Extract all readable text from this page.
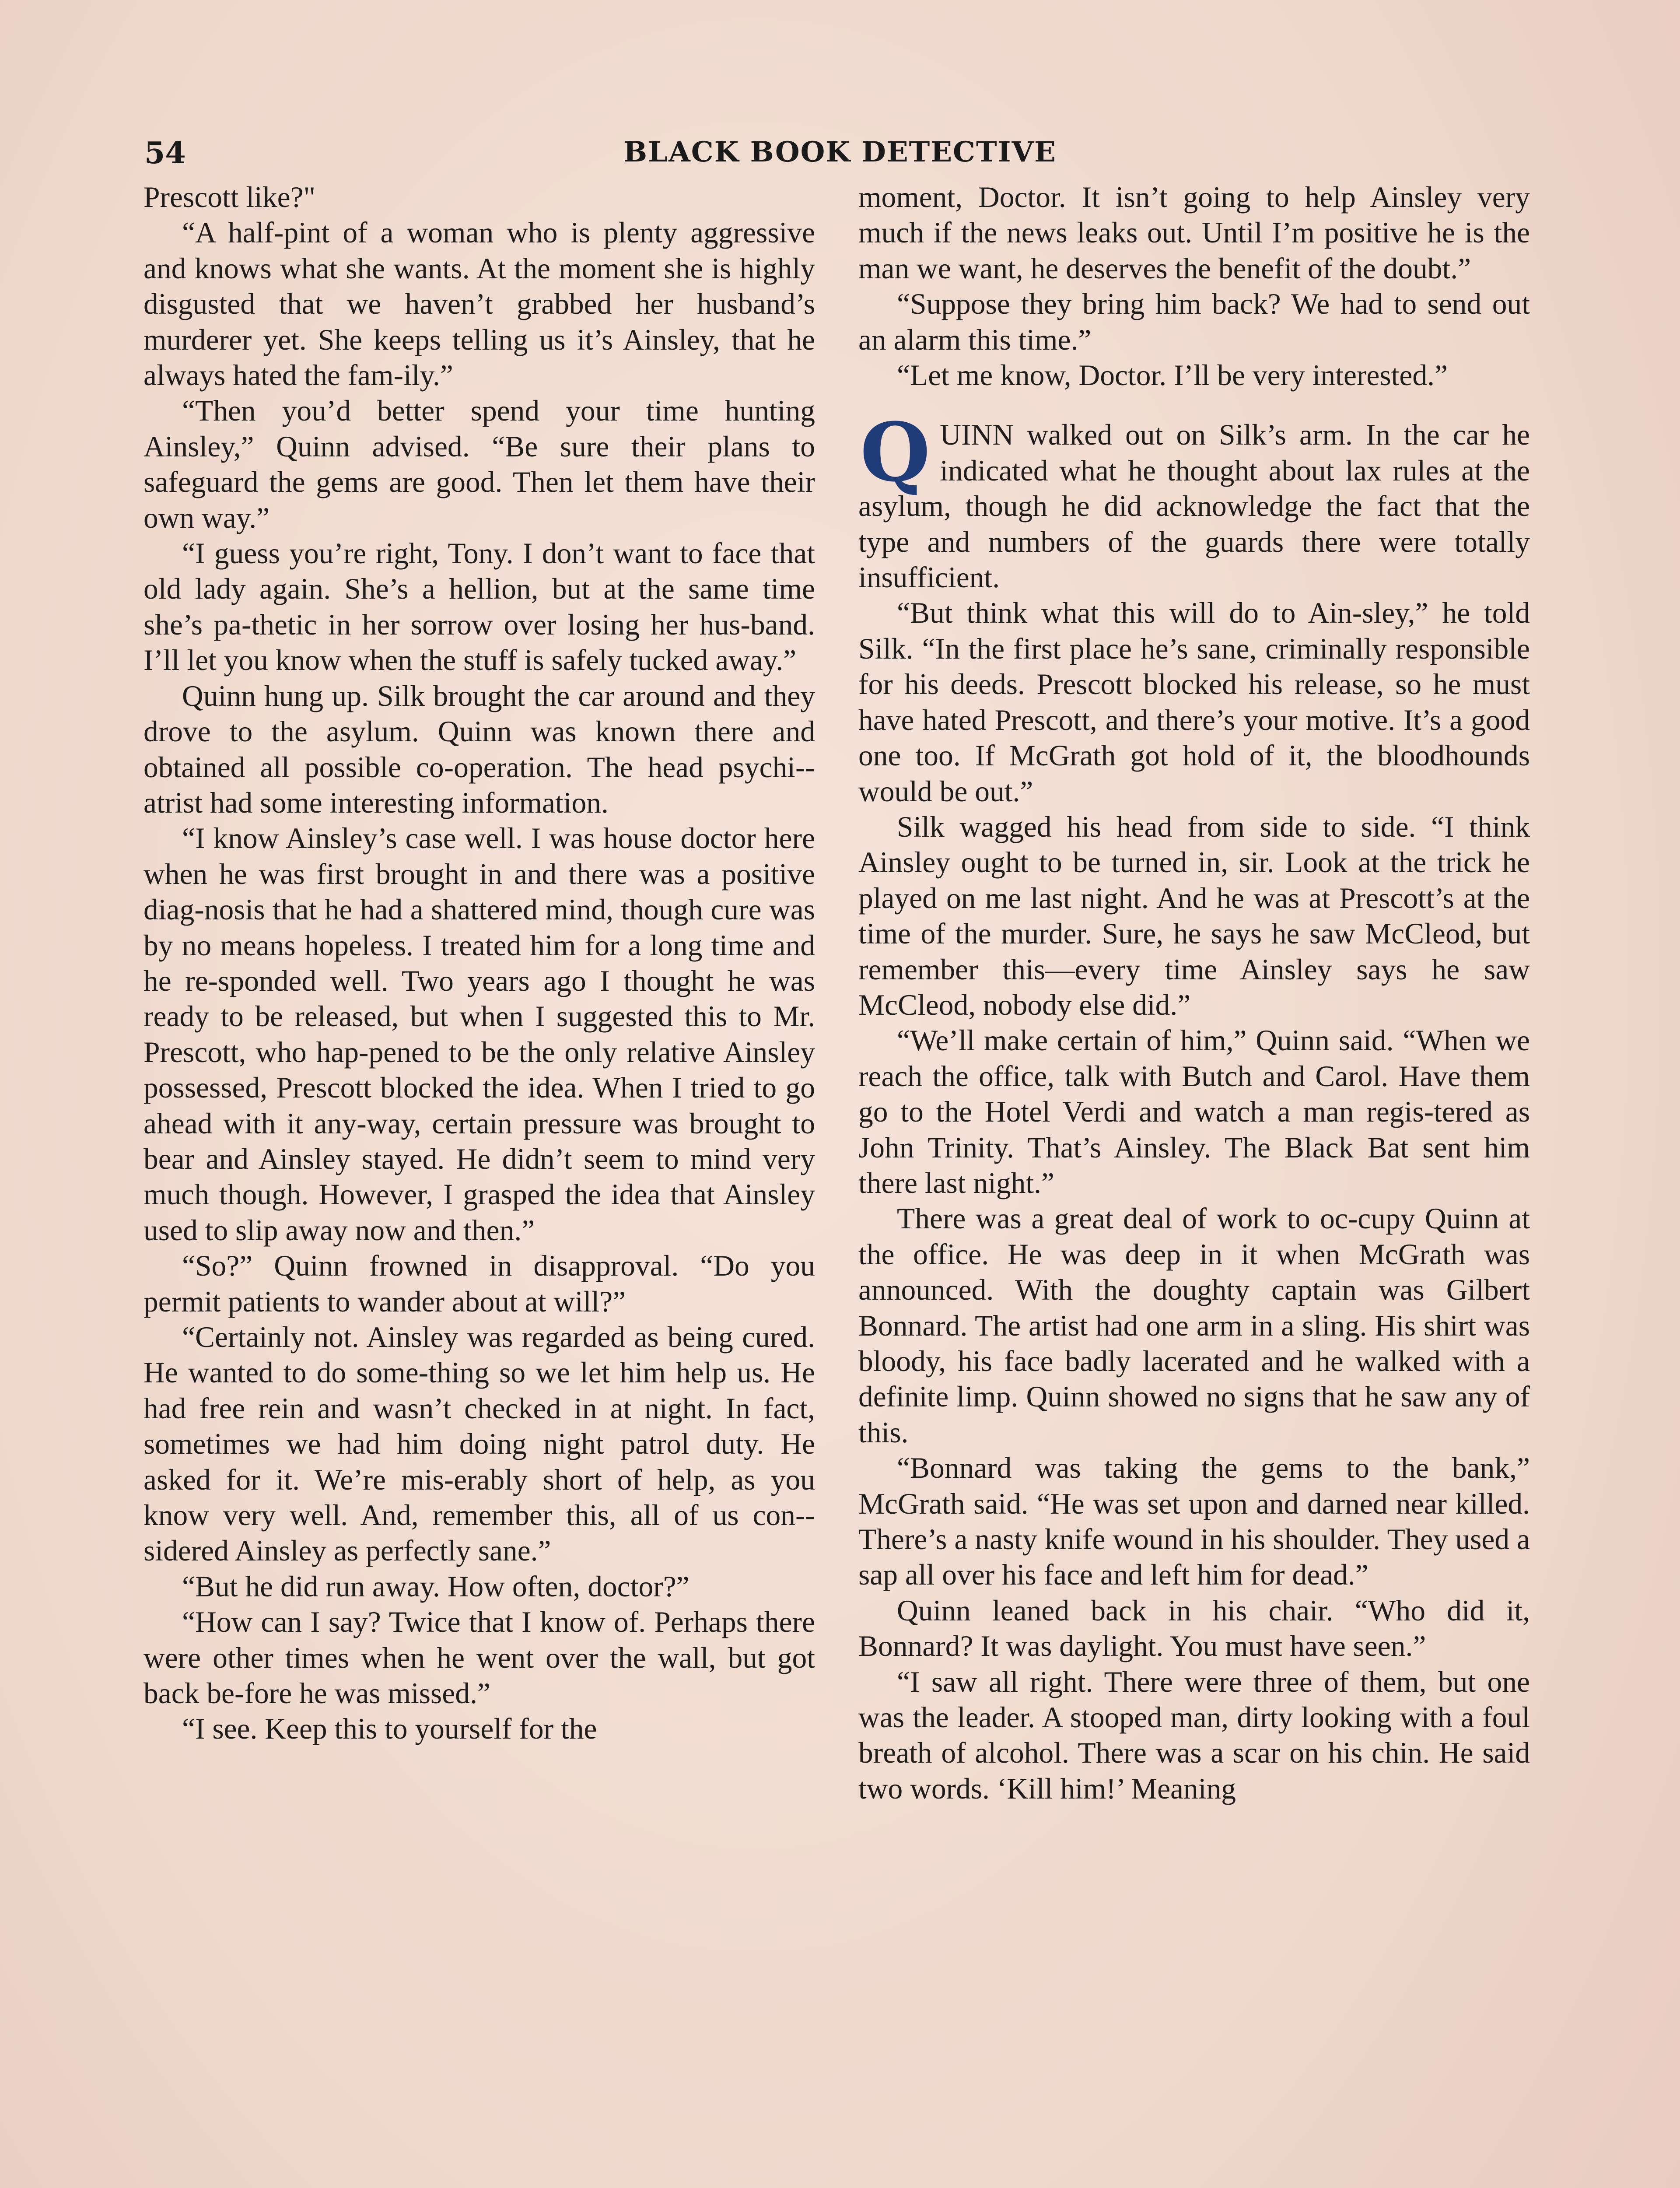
54	BLACK BOOK DETECTIVE

Prescott like?"

“A half-pint of a woman who is plenty aggressive and knows what she wants. At the moment she is highly disgusted that we haven’t grabbed her husband’s murderer yet. She keeps telling us it’s Ainsley, that he always hated the fam-ily.”

“Then you’d better spend your time hunting Ainsley,” Quinn advised. “Be sure their plans to safeguard the gems are good. Then let them have their own way.”

“I guess you’re right, Tony. I don’t want to face that old lady again. She’s a hellion, but at the same time she’s pa-thetic in her sorrow over losing her hus-band. I’ll let you know when the stuff is safely tucked away.”

Quinn hung up. Silk brought the car around and they drove to the asylum. Quinn was known there and obtained all possible co-operation. The head psychi-atrist had some interesting information.

“I know Ainsley’s case well. I was house doctor here when he was first brought in and there was a positive diag-nosis that he had a shattered mind, though cure was by no means hopeless. I treated him for a long time and he re-sponded well. Two years ago I thought he was ready to be released, but when I suggested this to Mr. Prescott, who hap-pened to be the only relative Ainsley possessed, Prescott blocked the idea. When I tried to go ahead with it any-way, certain pressure was brought to bear and Ainsley stayed. He didn’t seem to mind very much though. However, I grasped the idea that Ainsley used to slip away now and then.”

“So?” Quinn frowned in disapproval. “Do you permit patients to wander about at will?”

“Certainly not. Ainsley was regarded as being cured. He wanted to do some-thing so we let him help us. He had free rein and wasn’t checked in at night. In fact, sometimes we had him doing night patrol duty. He asked for it. We’re mis-erably short of help, as you know very well. And, remember this, all of us con-sidered Ainsley as perfectly sane.”

“But he did run away. How often, doctor?”

“How can I say? Twice that I know of. Perhaps there were other times when he went over the wall, but got back be-fore he was missed.”

“I see. Keep this to yourself for the

moment, Doctor. It isn’t going to help Ainsley very much if the news leaks out. Until I’m positive he is the man we want, he deserves the benefit of the doubt.”

“Suppose they bring him back? We had to send out an alarm this time.”

“Let me know, Doctor. I’ll be very interested.”

QUINN walked out on Silk’s arm. In the car he indicated what he thought about lax rules at the asylum, though he did acknowledge the fact that the type and numbers of the guards there were totally insufficient.

“But think what this will do to Ain-sley,” he told Silk. “In the first place he’s sane, criminally responsible for his deeds. Prescott blocked his release, so he must have hated Prescott, and there’s your motive. It’s a good one too. If McGrath got hold of it, the bloodhounds would be out.”

Silk wagged his head from side to side. “I think Ainsley ought to be turned in, sir. Look at the trick he played on me last night. And he was at Prescott’s at the time of the murder. Sure, he says he saw McCleod, but remember this—every time Ainsley says he saw McCleod, nobody else did.”

“We’ll make certain of him,” Quinn said. “When we reach the office, talk with Butch and Carol. Have them go to the Hotel Verdi and watch a man regis-tered as John Trinity. That’s Ainsley. The Black Bat sent him there last night.”

There was a great deal of work to oc-cupy Quinn at the office. He was deep in it when McGrath was announced. With the doughty captain was Gilbert Bonnard. The artist had one arm in a sling. His shirt was bloody, his face badly lacerated and he walked with a definite limp. Quinn showed no signs that he saw any of this.

“Bonnard was taking the gems to the bank,” McGrath said. “He was set upon and darned near killed. There’s a nasty knife wound in his shoulder. They used a sap all over his face and left him for dead.”

Quinn leaned back in his chair. “Who did it, Bonnard? It was daylight. You must have seen.”

“I saw all right. There were three of them, but one was the leader. A stooped man, dirty looking with a foul breath of alcohol. There was a scar on his chin. He said two words. ‘Kill him!’ Meaning
